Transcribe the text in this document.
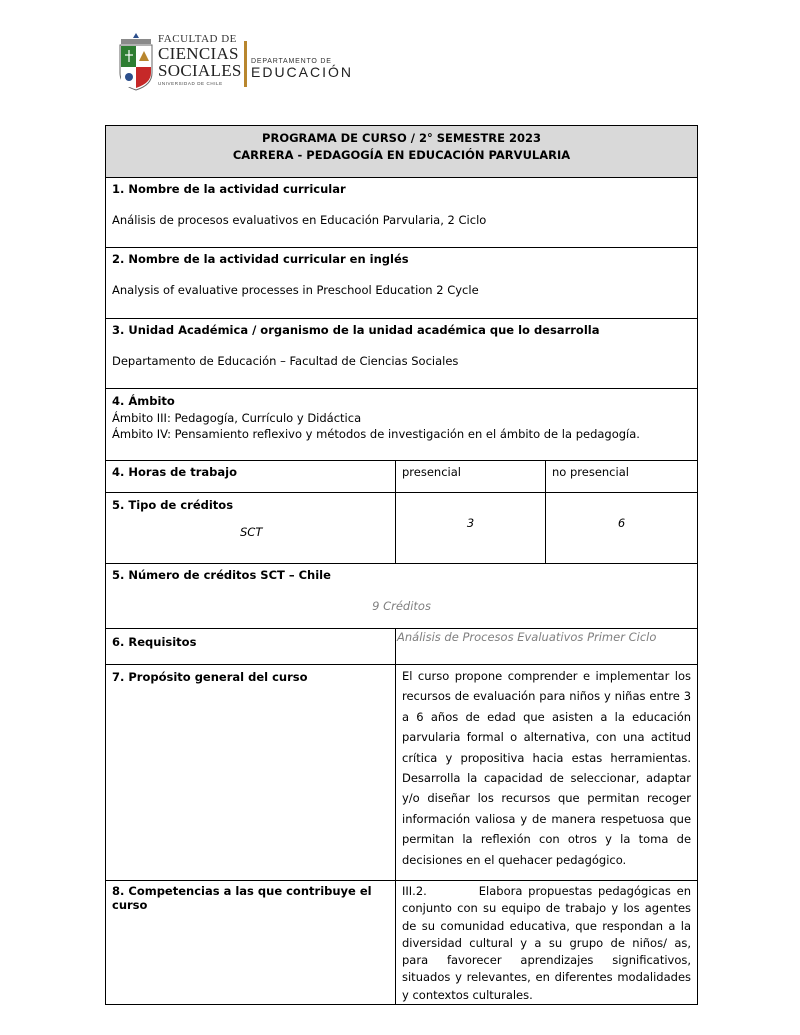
FACULTAD DE
CIENCIAS
SOCIALES
UNIVERSIDAD DE CHILE
DEPARTAMENTO DE
EDUCACIÓN
PROGRAMA DE CURSO / 2° SEMESTRE 2023
CARRERA - PEDAGOGÍA EN EDUCACIÓN PARVULARIA		

1. Nombre de la actividad curricular
Análisis de procesos evaluativos en Educación Parvularia, 2 Ciclo		

2. Nombre de la actividad curricular en inglés
Analysis of evaluative processes in Preschool Education 2 Cycle		

3. Unidad Académica / organismo de la unidad académica que lo desarrolla
Departamento de Educación – Facultad de Ciencias Sociales		

4. Ámbito
Ámbito III: Pedagogía, Currículo y Didáctica
Ámbito IV: Pensamiento reflexivo y métodos de investigación en el ámbito de la pedagogía.		

4. Horas de trabajo	presencial	no presencial

5. Tipo de créditos
SCT	3	6

5. Número de créditos SCT – Chile
9 Créditos		

6. Requisitos	Análisis de Procesos Evaluativos Primer Ciclo	
7. Propósito general del curso	El curso propone comprender e implementar los recursos de evaluación para niños y niñas entre 3 a 6 años de edad que asisten a la educación parvularia formal o alternativa, con una actitud crítica y propositiva hacia estas herramientas. Desarrolla la capacidad de seleccionar, adaptar y/o diseñar los recursos que permitan recoger información valiosa y de manera respetuosa que permitan la reflexión con otros y la toma de decisiones en el quehacer pedagógico.	
8. Competencias a las que contribuye el curso	III.2.         Elabora propuestas pedagógicas en conjunto con su equipo de trabajo y los agentes de su comunidad educativa, que respondan a la diversidad cultural y a su grupo de niños/ as, para favorecer aprendizajes significativos, situados y relevantes, en diferentes modalidades y contextos culturales.	
